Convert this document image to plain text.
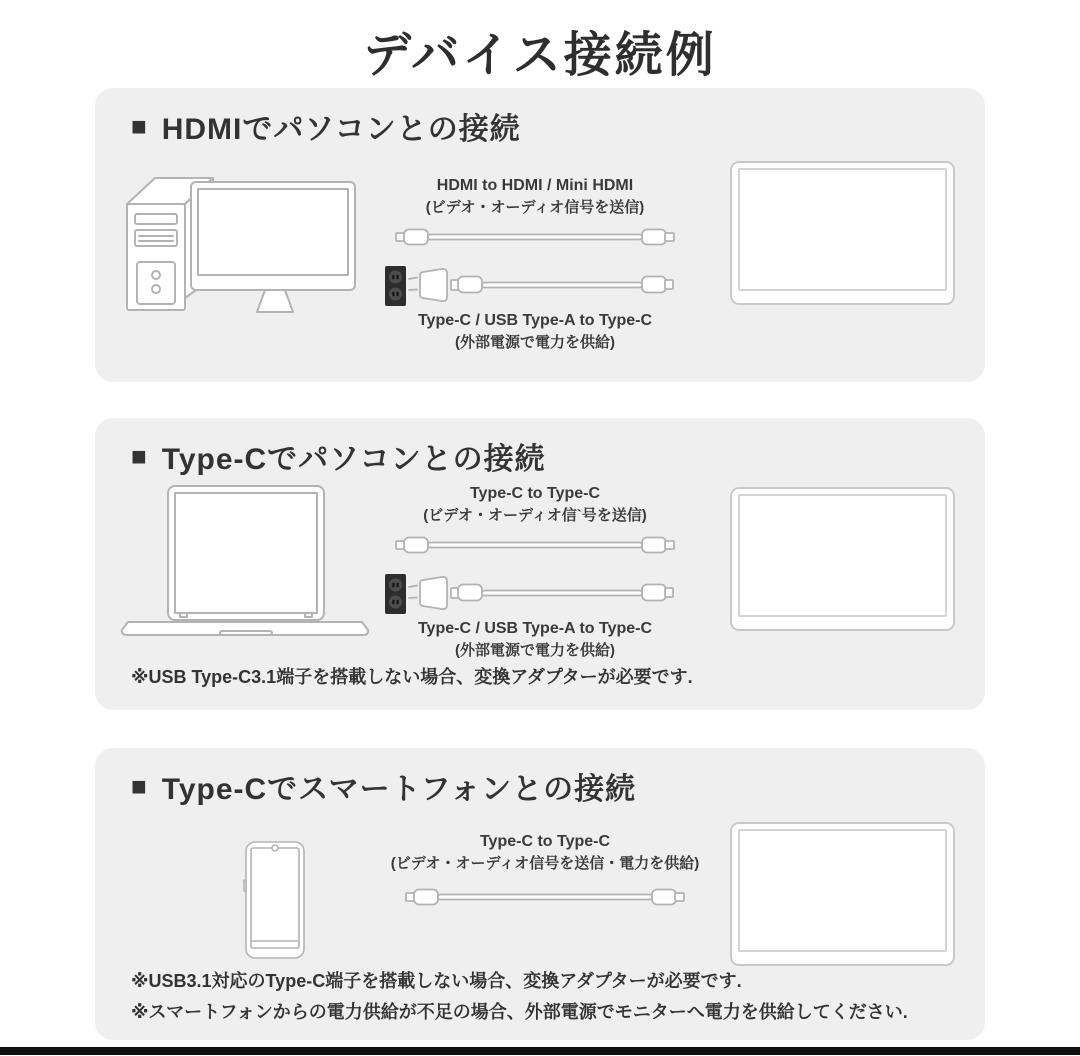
デバイス接続例
■ HDMIでパソコンとの接続
HDMI to HDMI / Mini HDMI
(ビデオ・オーディオ信号を送信)
Type-C / USB Type-A to Type-C
(外部電源で電力を供給)
■ Type-Cでパソコンとの接続
Type-C to Type-C
(ビデオ・オーディオ信`号を送信)
Type-C / USB Type-A to Type-C
(外部電源で電力を供給)
※USB Type-C3.1端子を搭載しない場合、変換アダプターが必要です.
■ Type-Cでスマートフォンとの接続
Type-C to Type-C
(ビデオ・オーディオ信号を送信・電力を供給)
※USB3.1対応のType-C端子を搭載しない場合、変換アダプターが必要です.
※スマートフォンからの電力供給が不足の場合、外部電源でモニターへ電力を供給してください.
